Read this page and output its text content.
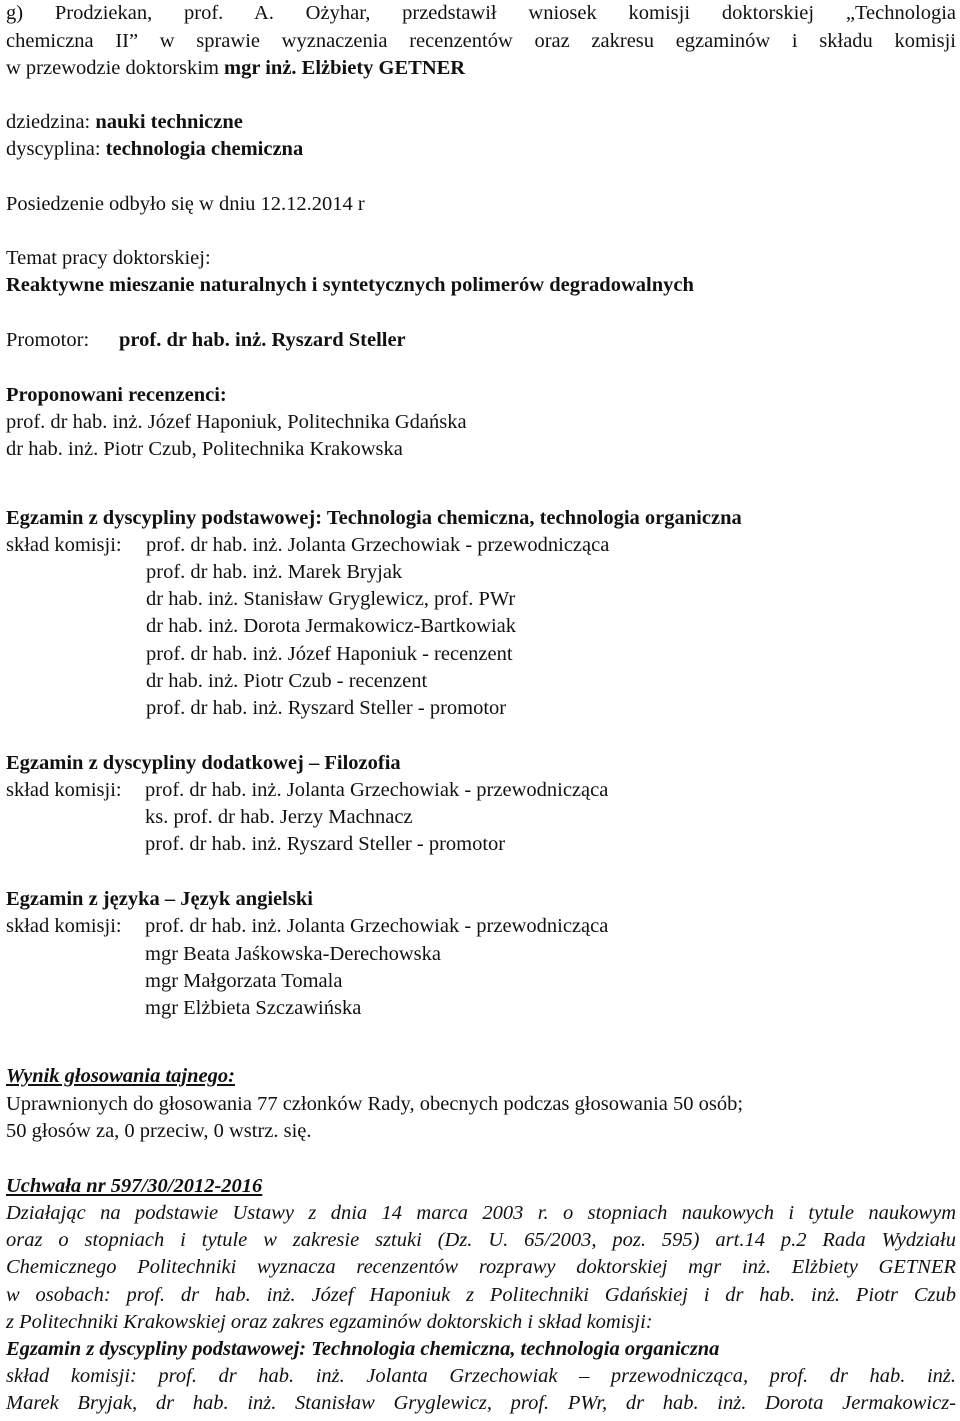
g) Prodziekan, prof. A. Ożyhar, przedstawił wniosek komisji doktorskiej „Technologia
chemiczna II” w sprawie wyznaczenia recenzentów oraz zakresu egzaminów i składu komisji
w przewodzie doktorskim mgr inż. Elżbiety GETNER
dziedzina: nauki techniczne
dyscyplina: technologia chemiczna
Posiedzenie odbyło się w dniu 12.12.2014 r
Temat pracy doktorskiej:
Reaktywne mieszanie naturalnych i syntetycznych polimerów degradowalnych
Promotor: prof. dr hab. inż. Ryszard Steller
Proponowani recenzenci:
prof. dr hab. inż. Józef Haponiuk, Politechnika Gdańska
dr hab. inż. Piotr Czub, Politechnika Krakowska
Egzamin z dyscypliny podstawowej: Technologia chemiczna, technologia organiczna
skład komisji: prof. dr hab. inż. Jolanta Grzechowiak - przewodnicząca
prof. dr hab. inż. Marek Bryjak
dr hab. inż. Stanisław Gryglewicz, prof. PWr
dr hab. inż. Dorota Jermakowicz-Bartkowiak
prof. dr hab. inż. Józef Haponiuk - recenzent
dr hab. inż. Piotr Czub - recenzent
prof. dr hab. inż. Ryszard Steller - promotor
Egzamin z dyscypliny dodatkowej – Filozofia
skład komisji: prof. dr hab. inż. Jolanta Grzechowiak - przewodnicząca
ks. prof. dr hab. Jerzy Machnacz
prof. dr hab. inż. Ryszard Steller - promotor
Egzamin z języka – Język angielski
skład komisji: prof. dr hab. inż. Jolanta Grzechowiak - przewodnicząca
mgr Beata Jaśkowska-Derechowska
mgr Małgorzata Tomala
mgr Elżbieta Szczawińska
Wynik głosowania tajnego:
Uprawnionych do głosowania 77 członków Rady, obecnych podczas głosowania 50 osób;
50 głosów za, 0 przeciw, 0 wstrz. się.
Uchwała nr 597/30/2012-2016
Działając na podstawie Ustawy z dnia 14 marca 2003 r. o stopniach naukowych i tytule naukowym
oraz o stopniach i tytule w zakresie sztuki (Dz. U. 65/2003, poz. 595) art.14 p.2 Rada Wydziału
Chemicznego Politechniki wyznacza recenzentów rozprawy doktorskiej mgr inż. Elżbiety GETNER
w osobach: prof. dr hab. inż. Józef Haponiuk z Politechniki Gdańskiej i dr hab. inż. Piotr Czub
z Politechniki Krakowskiej oraz zakres egzaminów doktorskich i skład komisji:
Egzamin z dyscypliny podstawowej: Technologia chemiczna, technologia organiczna
skład komisji: prof. dr hab. inż. Jolanta Grzechowiak – przewodnicząca, prof. dr hab. inż.
Marek Bryjak, dr hab. inż. Stanisław Gryglewicz, prof. PWr, dr hab. inż. Dorota Jermakowicz-
